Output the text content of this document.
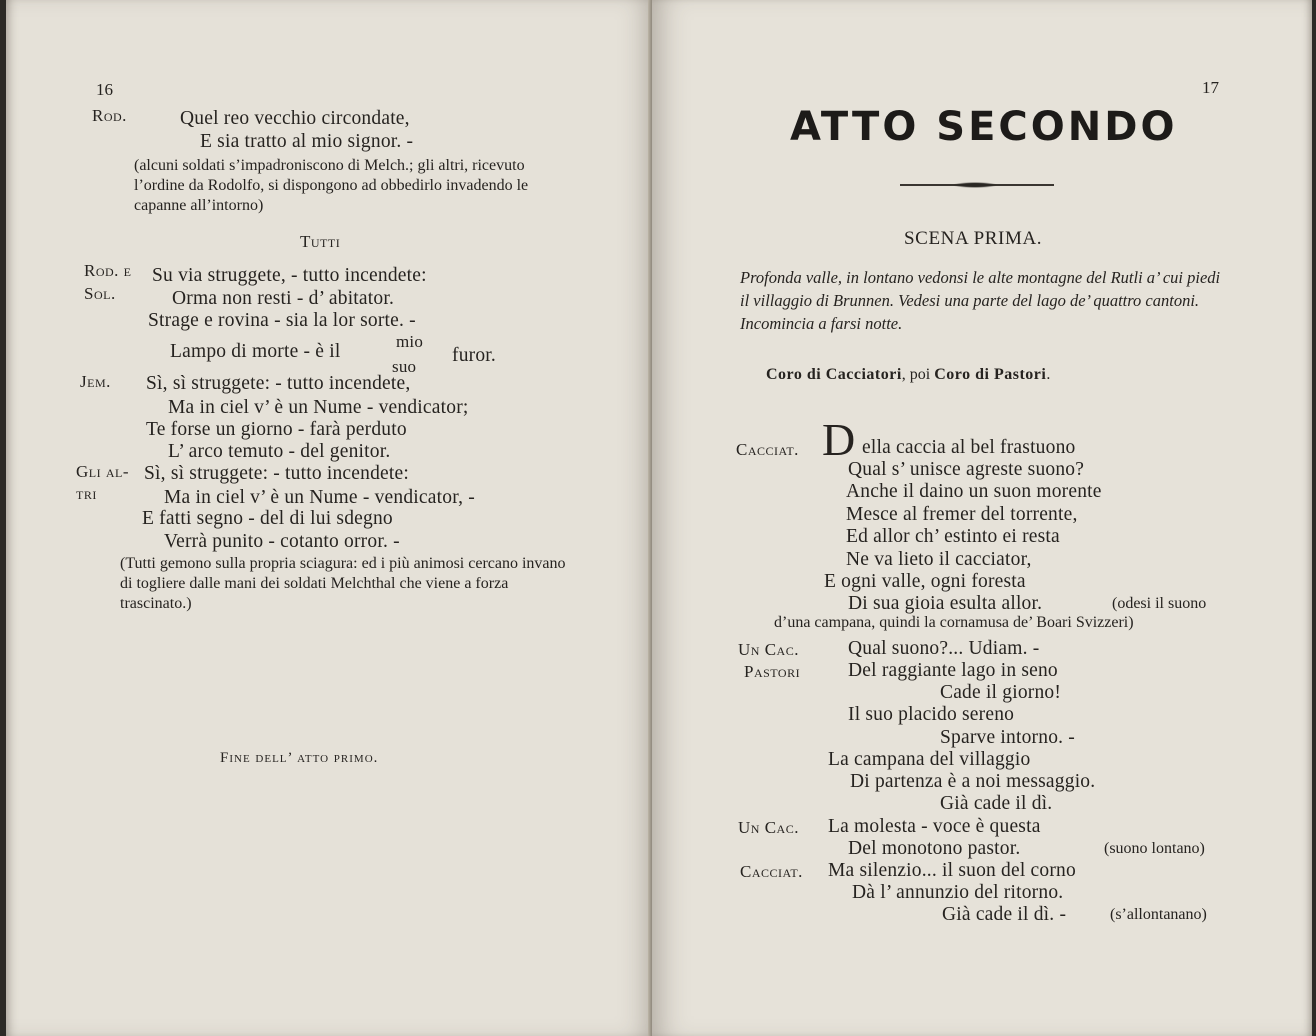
16
Rod.	Quel reo vecchio circondate,
E sia tratto al mio signor. -
(alcuni soldati s’impadroniscono di Melch.; gli altri, ricevuto l’ordine da Rodolfo, si dispongono ad obbedirlo invadendo le capanne all’intorno)
Tutti
Rod. e
Sol.
Su via struggete, - tutto incendete:
Orma non resti - d’ abitator.
Strage e rovina - sia la lor sorte. -
Lampo di morte - è il	mio
suo
furor.
Jem. Sì, sì struggete: - tutto incendete,
Ma in ciel v’ è un Nume - vendicator;
Te forse un giorno - farà perduto
L’ arco temuto - del genitor.
Gli al-
tri
Sì, sì struggete: - tutto incendete:
Ma in ciel v’ è un Nume - vendicator, -
E fatti segno - del di lui sdegno
Verrà punito - cotanto orror. -
(Tutti gemono sulla propria sciagura: ed i più animosi cercano invano di togliere dalle mani dei soldati Melchthal che viene a forza trascinato.)
Fine dell’ atto primo.
17
ATTO SECONDO
SCENA PRIMA.
Profonda valle, in lontano vedonsi le alte montagne del Rutli a’ cui piedi il villaggio di Brunnen. Vedesi una parte del lago de’ quattro cantoni. Incomincia a farsi notte.
Coro di Cacciatori, poi Coro di Pastori.
Cacciat. D ella caccia al bel frastuono
Qual s’ unisce agreste suono?
Anche il daino un suon morente
Mesce al fremer del torrente,
Ed allor ch’ estinto ei resta
Ne va lieto il cacciator,
E ogni valle, ogni foresta
Di sua gioia esulta allor.	(odesi il suono
d’una campana, quindi la cornamusa de’ Boari Svizzeri)
Un Cac.	Qual suono?... Udiam. -
Pastori Del raggiante lago in seno
Cade il giorno!
Il suo placido sereno
Sparve intorno. -
La campana del villaggio
Di partenza è a noi messaggio.
Già cade il dì.
Un Cac. La molesta - voce è questa
Del monotono pastor.	(suono lontano)
Cacciat. Ma silenzio... il suon del corno
Dà l’ annunzio del ritorno.
Già cade il dì. -	(s’allontanano)
